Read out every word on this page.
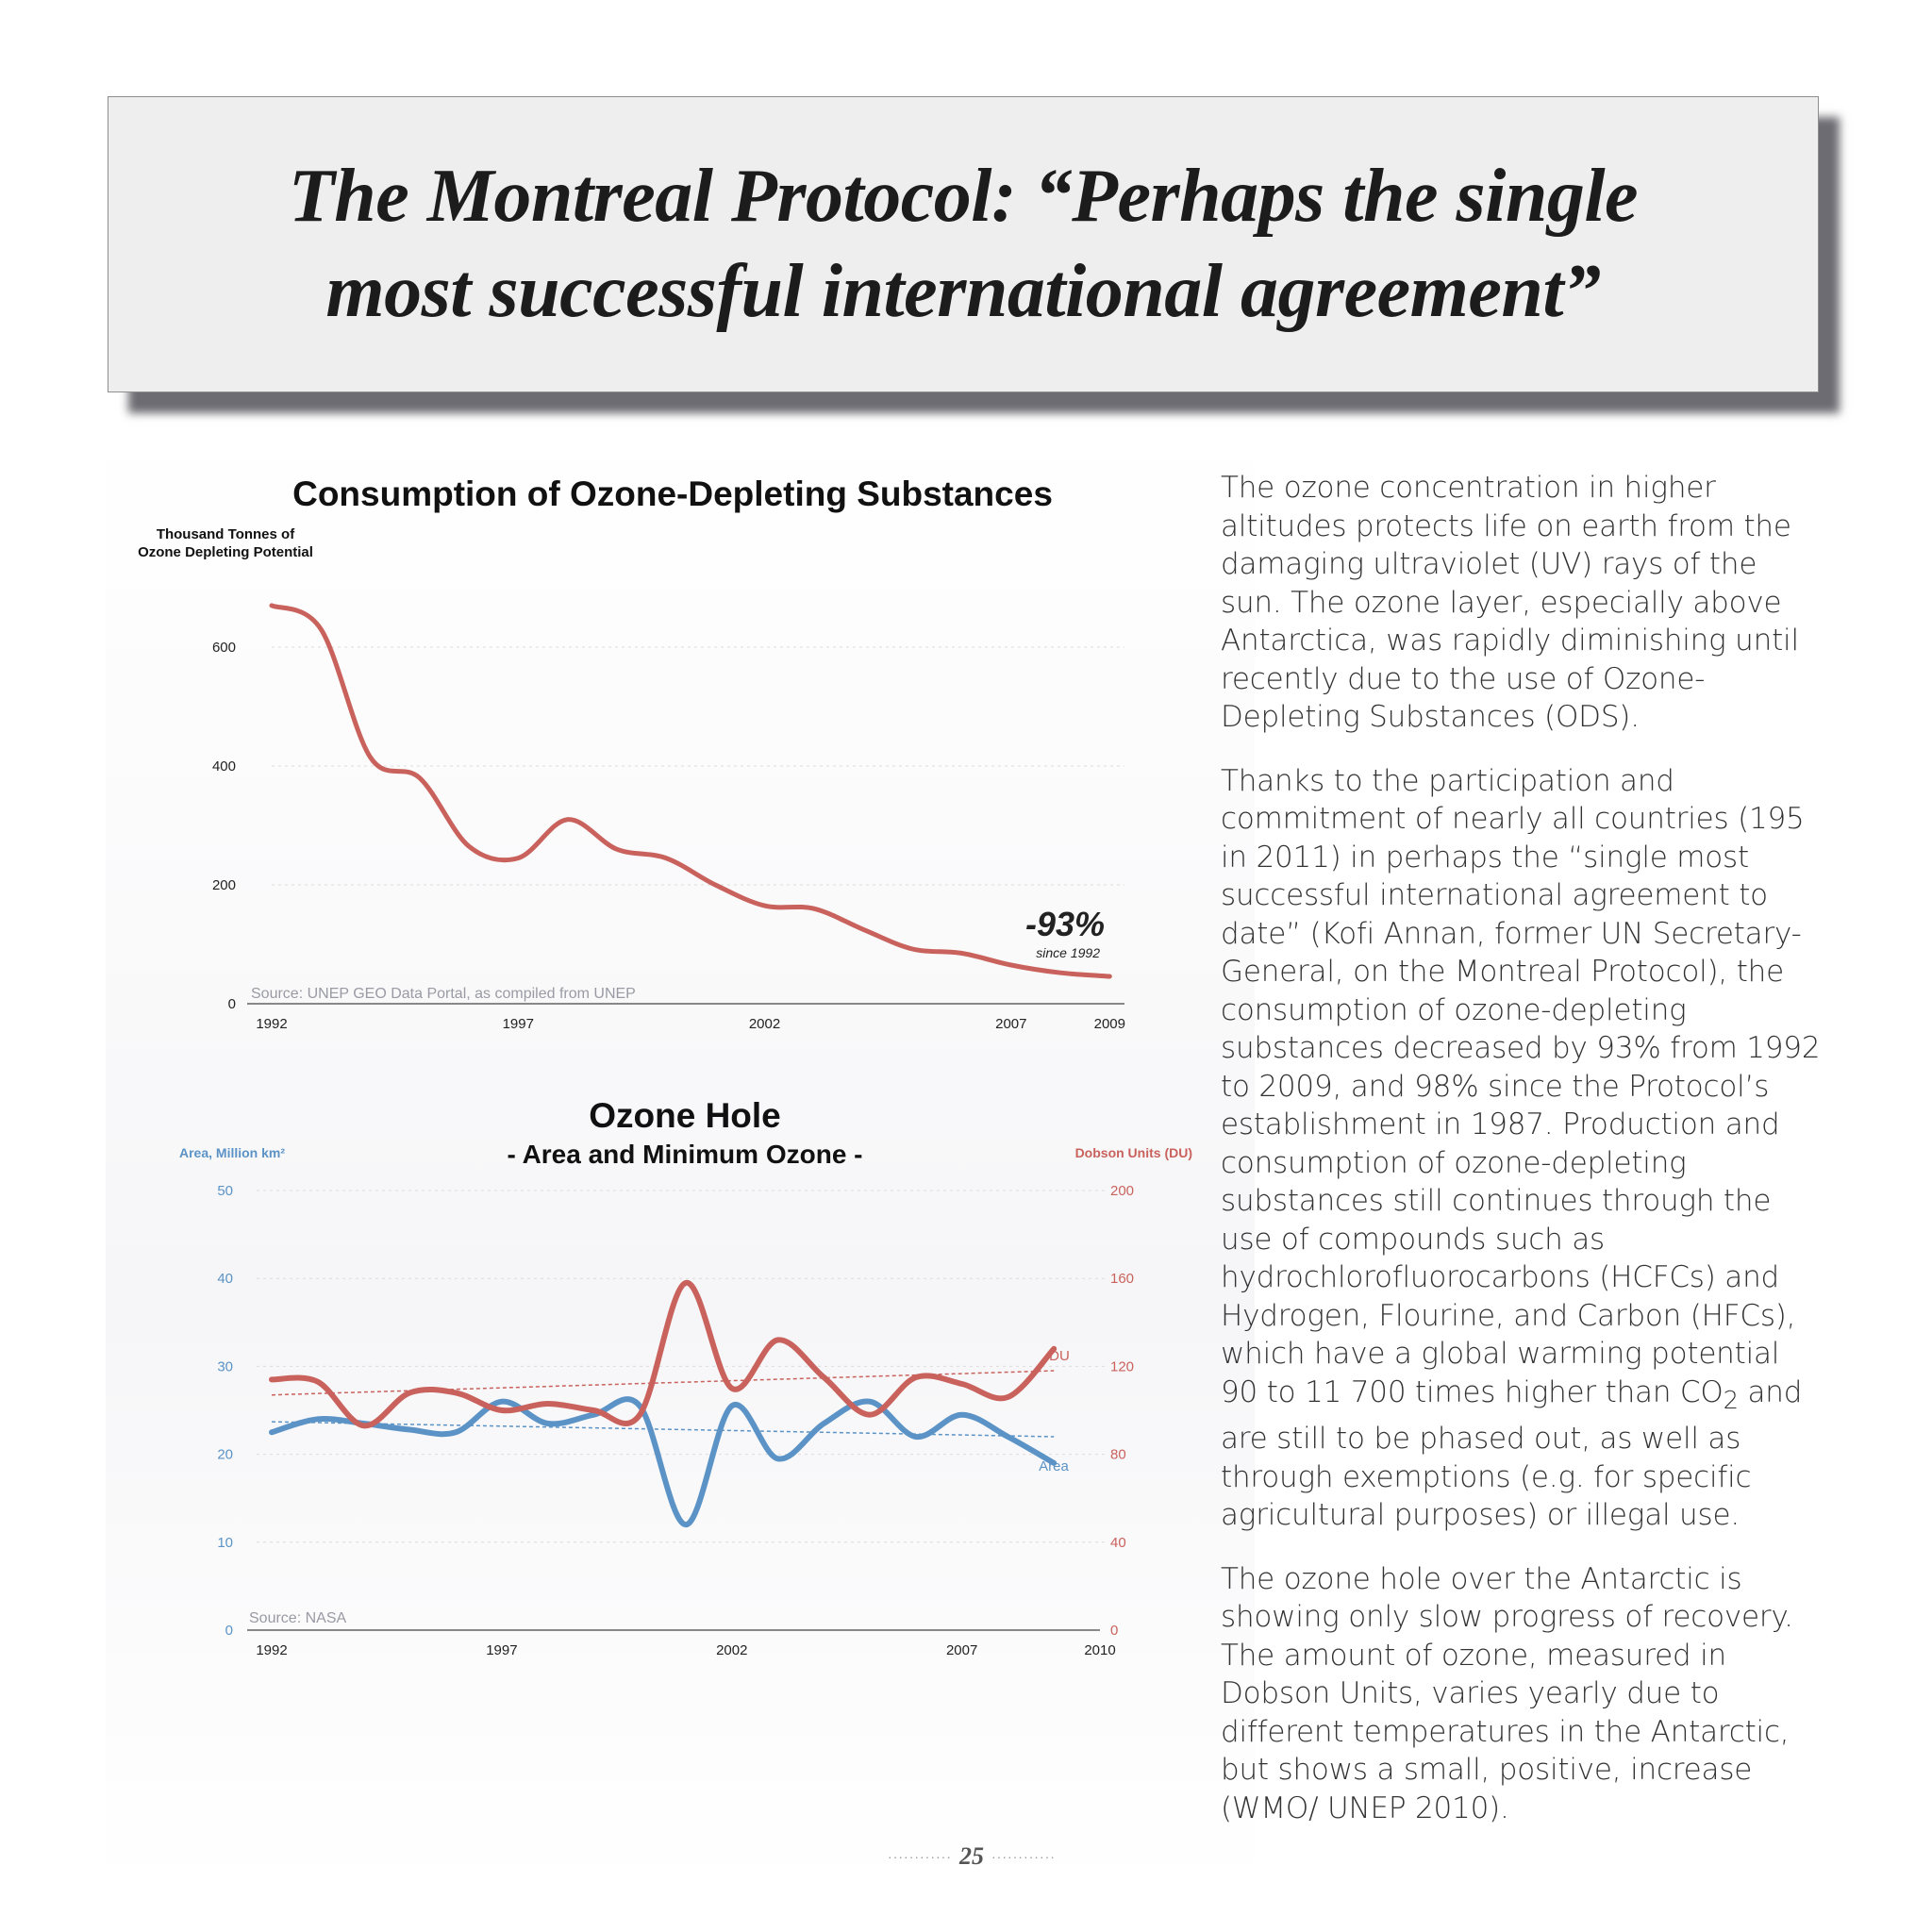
The Montreal Protocol: “Perhaps the single
most successful international agreement”
Consumption of Ozone-Depleting Substances
Thousand Tonnes of
Ozone Depleting Potential
0
200
400
600
1992	1997	2002	2007	2009
-93%
since 1992
Source: UNEP GEO Data Portal, as compiled from UNEP
Ozone Hole
- Area and Minimum Ozone -
Area, Million km²	Dobson Units (DU)
0
10
20
30
40
50
0
40
80
120
160
200
1992	1997	2002	2007	2010
DU
Area
Source: NASA

The ozone concentration in higher altitudes protects life on earth from the damaging ultraviolet (UV) rays of the sun. The ozone layer, especially above Antarctica, was rapidly diminishing until recently due to the use of Ozone-Depleting Substances (ODS).

Thanks to the participation and commitment of nearly all countries (195 in 2011) in perhaps the “single most successful international agreement to date” (Kofi Annan, former UN Secretary-General, on the Montreal Protocol), the consumption of ozone-depleting substances decreased by 93% from 1992 to 2009, and 98% since the Protocol’s establishment in 1987. Production and consumption of ozone-depleting substances still continues through the use of compounds such as hydrochlorofluorocarbons (HCFCs) and Hydrogen, Flourine, and Carbon (HFCs), which have a global warming potential 90 to 11 700 times higher than $CO_2$ and are still to be phased out, as well as through exemptions (e.g. for specific agricultural purposes) or illegal use.

The ozone hole over the Antarctic is showing only slow progress of recovery. The amount of ozone, measured in Dobson Units, varies yearly due to different temperatures in the Antarctic, but shows a small, positive, increase (WMO/ UNEP 2010).

············ 25 ············
